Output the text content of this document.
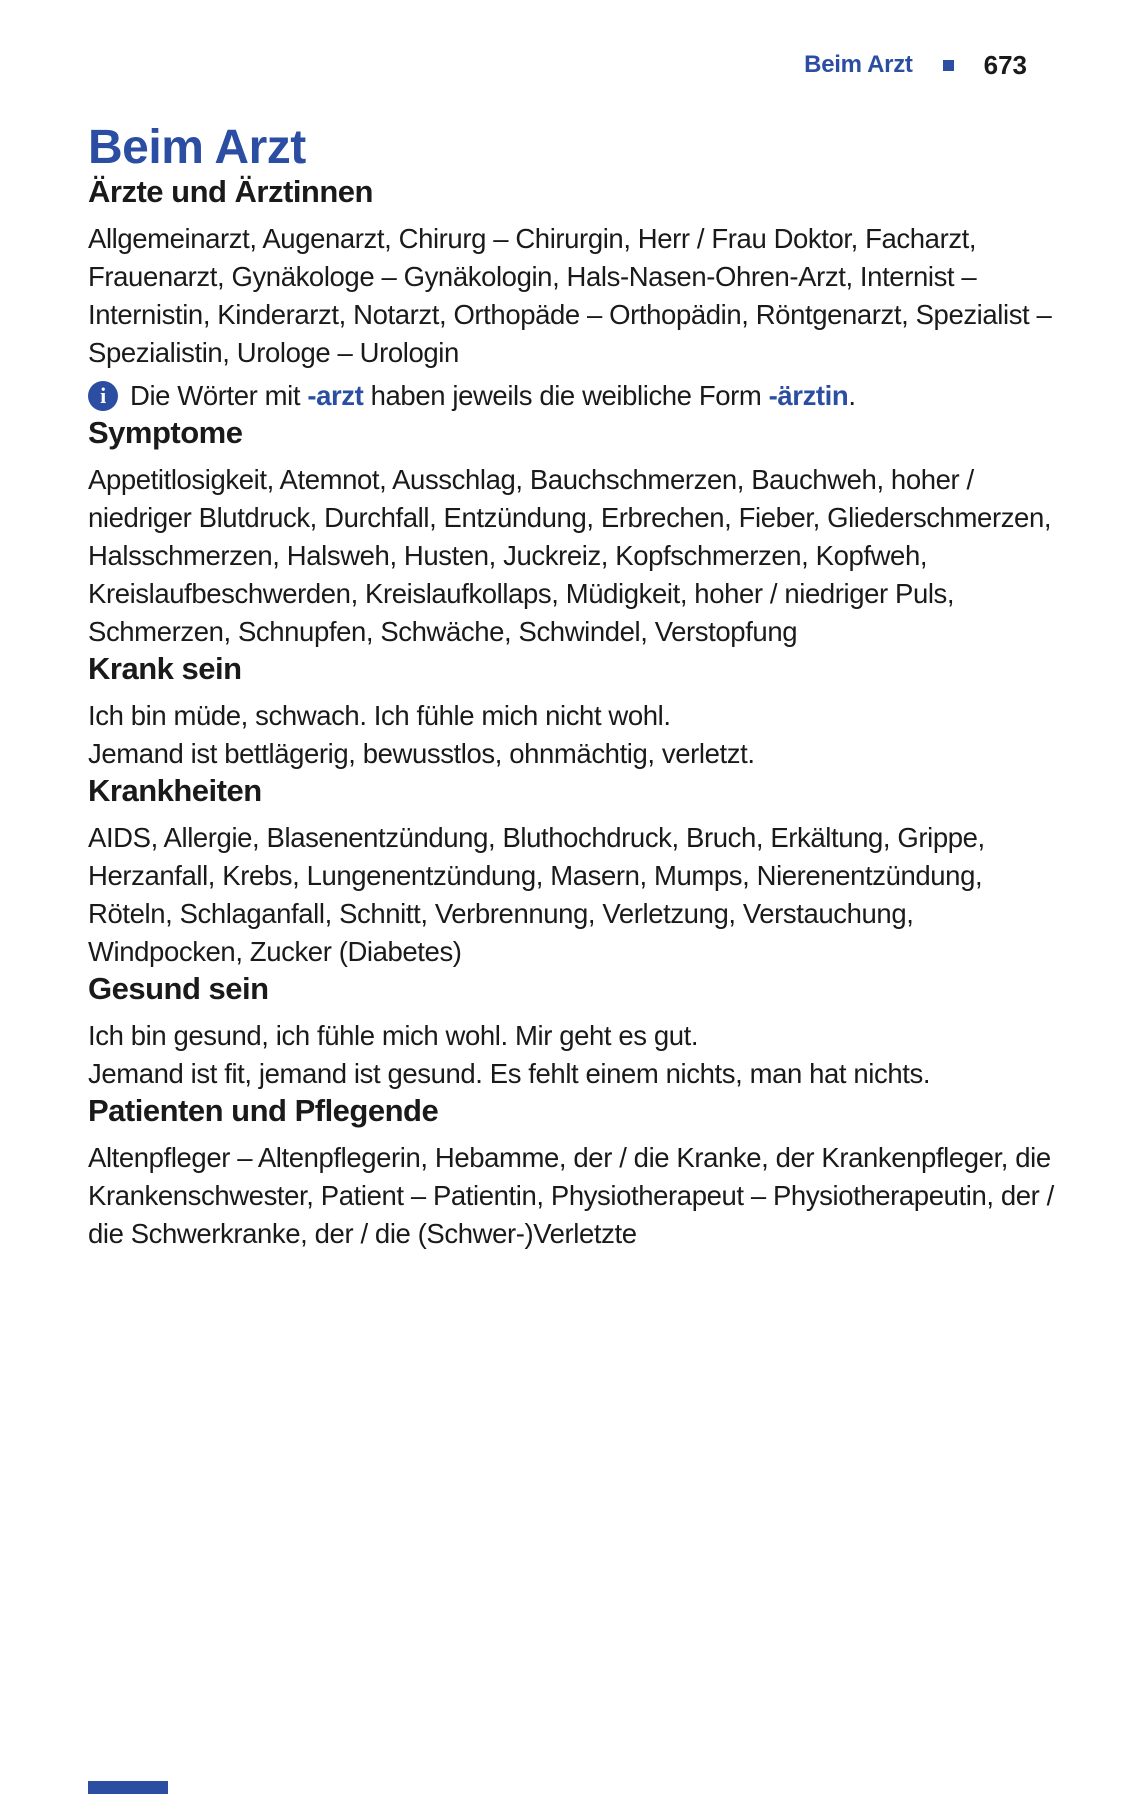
Beim Arzt	673
Beim Arzt
Ärzte und Ärztinnen

Allgemeinarzt, Augenarzt, Chirurg – Chirurgin, Herr / Frau Doktor, Facharzt, Frauenarzt, Gynäkologe – Gynäkologin, Hals-Nasen-Ohren-Arzt, Internist – Internistin, Kinderarzt, Notarzt, Orthopäde – Orthopädin, Röntgenarzt, Spezialist – Spezialistin, Urologe – Urologin

i Die Wörter mit -arzt haben jeweils die weibliche Form -ärztin.
Symptome

Appetitlosigkeit, Atemnot, Ausschlag, Bauchschmerzen, Bauchweh, hoher / niedriger Blutdruck, Durchfall, Entzündung, Erbrechen, Fieber, Gliederschmerzen, Halsschmerzen, Halsweh, Husten, Juckreiz, Kopfschmerzen, Kopfweh, Kreislaufbeschwerden, Kreislaufkollaps, Müdigkeit, hoher / niedriger Puls, Schmerzen, Schnupfen, Schwäche, Schwindel, Verstopfung

Krank sein

Ich bin müde, schwach. Ich fühle mich nicht wohl.

Jemand ist bettlägerig, bewusstlos, ohnmächtig, verletzt.

Krankheiten

AIDS, Allergie, Blasenentzündung, Bluthochdruck, Bruch, Erkältung, Grippe, Herzanfall, Krebs, Lungenentzündung, Masern, Mumps, Nierenentzündung, Röteln, Schlaganfall, Schnitt, Verbrennung, Verletzung, Verstauchung, Windpocken, Zucker (Diabetes)

Gesund sein

Ich bin gesund, ich fühle mich wohl. Mir geht es gut.

Jemand ist fit, jemand ist gesund. Es fehlt einem nichts, man hat nichts.

Patienten und Pflegende

Altenpfleger – Altenpflegerin, Hebamme, der / die Kranke, der Krankenpfleger, die Krankenschwester, Patient – Patientin, Physiotherapeut – Physiotherapeutin, der / die Schwerkranke, der / die (Schwer-)Verletzte
